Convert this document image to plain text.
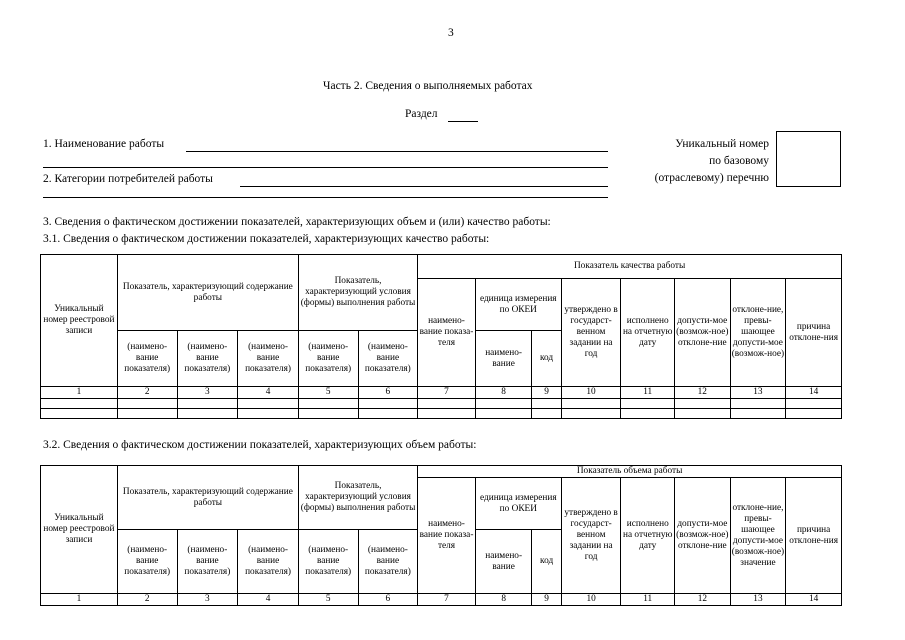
3
Часть 2. Сведения о выполняемых работах
Раздел
1. Наименование работы
2. Категории потребителей работы
Уникальный номер
по базовому
(отраслевому) перечню
3. Сведения о фактическом достижении показателей, характеризующих объем и (или) качество работы:
3.1. Сведения о фактическом достижении показателей, характеризующих качество работы:
Уникальный номер реестровой записи	Показатель, характеризующий содержание работы			Показатель, характеризующий условия (формы) выполнения работы		Показатель качества работы							
						наимено-вание показа-теля	единица измерения по ОКЕИ		утверждено в государст-венном задании на год	исполнено на отчетную дату	допусти-мое (возмож-ное) отклоне-ние	отклоне-ние, превы-шающее допусти-мое (возмож-ное)	причина отклоне-ния
	(наимено-вание показателя)	(наимено-вание показателя)	(наимено-вание показателя)	(наимено-вание показателя)	(наимено-вание показателя)		наимено-вание	код					
1	2	3	4	5	6	7	8	9	10	11	12	13	14

3.2. Сведения о фактическом достижении показателей, характеризующих объем работы:
Уникальный номер реестровой записи	Показатель, характеризующий содержание работы			Показатель, характеризующий условия (формы) выполнения работы		Показатель объема работы							
						наимено-вание показа-теля	единица измерения по ОКЕИ		утверждено в государст-венном задании на год	исполнено на отчетную дату	допусти-мое (возмож-ное) отклоне-ние	отклоне-ние, превы-шающее допусти-мое (возмож-ное) значение	причина отклоне-ния
	(наимено-вание показателя)	(наимено-вание показателя)	(наимено-вание показателя)	(наимено-вание показателя)	(наимено-вание показателя)		наимено-вание	код					
1	2	3	4	5	6	7	8	9	10	11	12	13	14
